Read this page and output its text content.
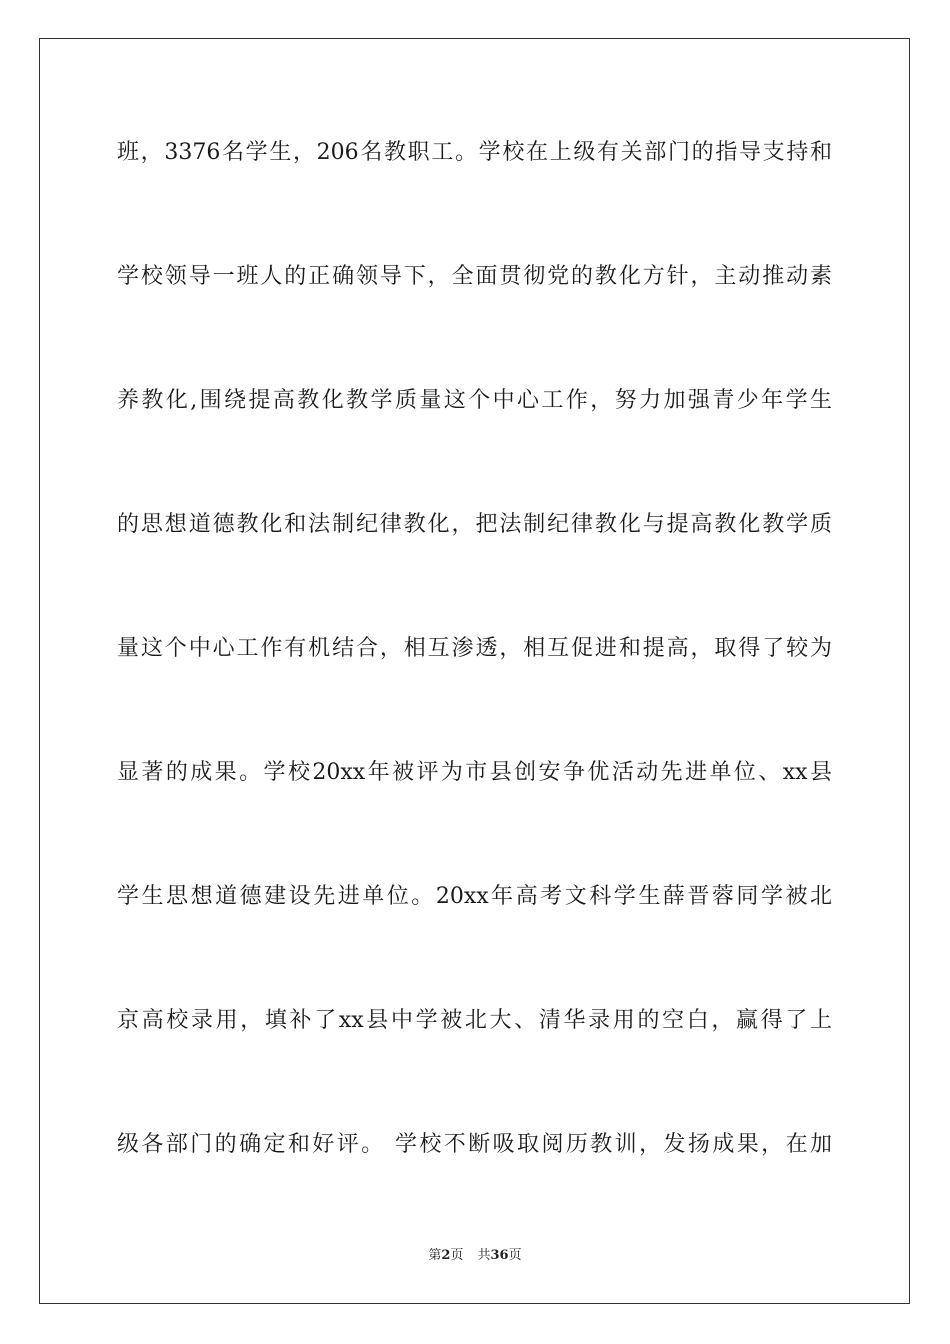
班，3376名学生，206名教职工。学校在上级有关部门的指导支持和
学校领导一班人的正确领导下，全面贯彻党的教化方针，主动推动素
养教化,围绕提高教化教学质量这个中心工作，努力加强青少年学生
的思想道德教化和法制纪律教化，把法制纪律教化与提高教化教学质
量这个中心工作有机结合，相互渗透，相互促进和提高，取得了较为
显著的成果。学校20xx年被评为市县创安争优活动先进单位、xx县
学生思想道德建设先进单位。20xx年高考文科学生薛晋蓉同学被北
京高校录用，填补了xx县中学被北大、清华录用的空白，赢得了上
级各部门的确定和好评。 学校不断吸取阅历教训，发扬成果，在加
第2页 共36页
